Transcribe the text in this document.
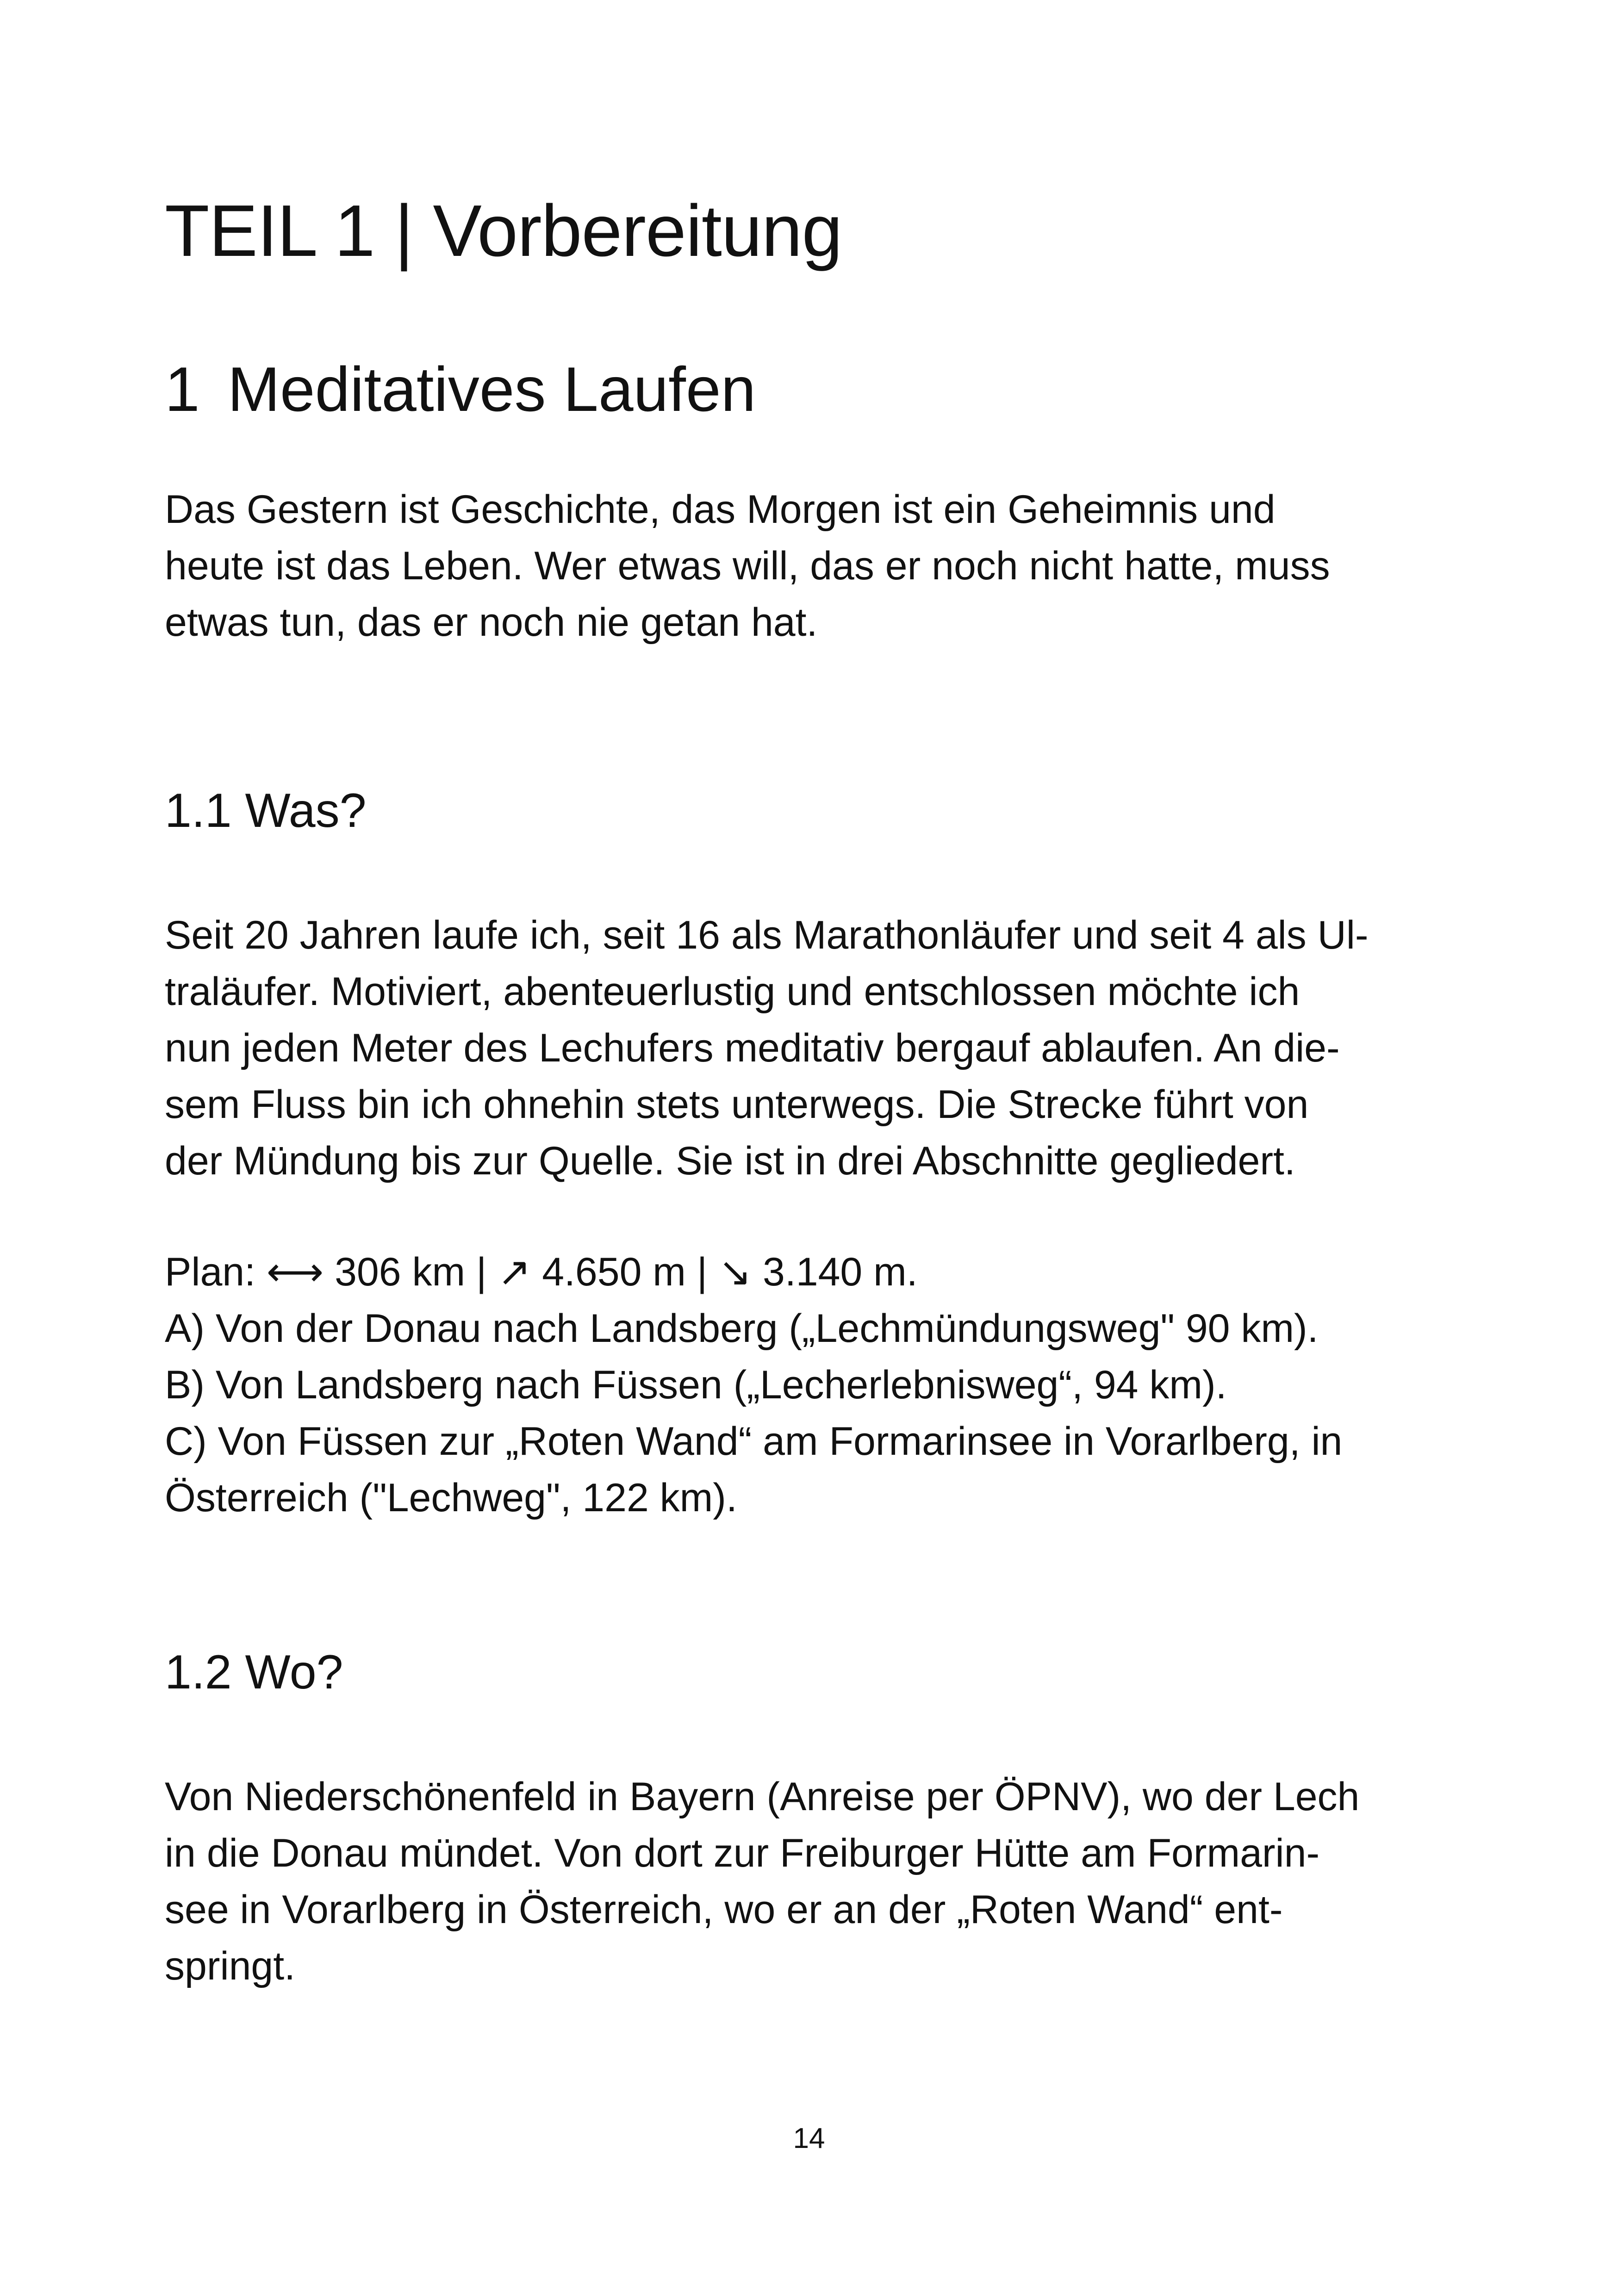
TEIL 1 | Vorbereitung
1 Meditatives Laufen

Das Gestern ist Geschichte, das Morgen ist ein Geheimnis und
heute ist das Leben. Wer etwas will, das er noch nicht hatte, muss
etwas tun, das er noch nie getan hat.

1.1 Was?

Seit 20 Jahren laufe ich, seit 16 als Marathonläufer und seit 4 als Ul-
traläufer. Motiviert, abenteuerlustig und entschlossen möchte ich
nun jeden Meter des Lechufers meditativ bergauf ablaufen. An die-
sem Fluss bin ich ohnehin stets unterwegs. Die Strecke führt von
der Mündung bis zur Quelle. Sie ist in drei Abschnitte gegliedert.

Plan: ⟷ 306 km | ↗ 4.650 m | ↘ 3.140 m.
A) Von der Donau nach Landsberg („Lechmündungsweg" 90 km).
B) Von Landsberg nach Füssen („Lecherlebnisweg“, 94 km).
C) Von Füssen zur „Roten Wand“ am Formarinsee in Vorarlberg, in
Österreich ("Lechweg", 122 km).

1.2 Wo?

Von Niederschönenfeld in Bayern (Anreise per ÖPNV), wo der Lech
in die Donau mündet. Von dort zur Freiburger Hütte am Formarin-
see in Vorarlberg in Österreich, wo er an der „Roten Wand“ ent-
springt.

14
